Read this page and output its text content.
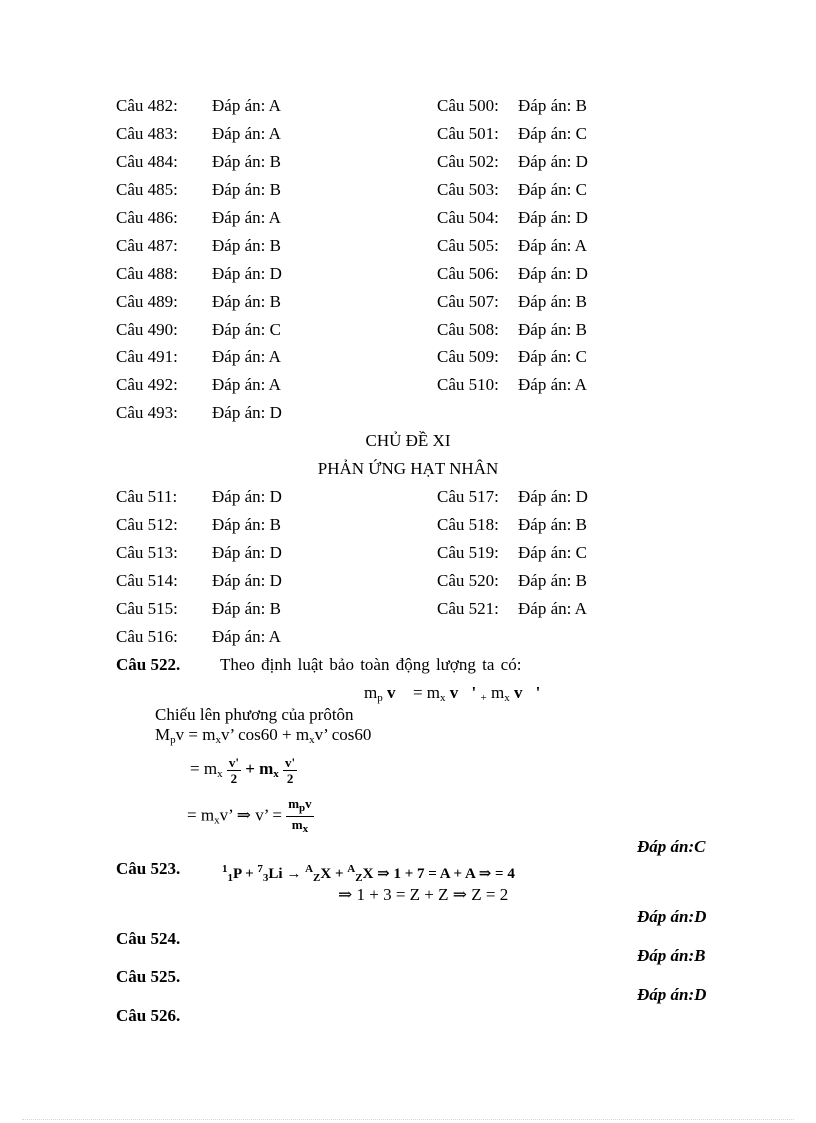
Câu 482: Đáp án: A
Câu 483: Đáp án: A
Câu 484: Đáp án: B
Câu 485: Đáp án: B
Câu 486: Đáp án: A
Câu 487: Đáp án: B
Câu 488: Đáp án: D
Câu 489: Đáp án: B
Câu 490: Đáp án: C
Câu 491: Đáp án: A
Câu 492: Đáp án: A
Câu 493: Đáp án: D
Câu 500: Đáp án: B
Câu 501: Đáp án: C
Câu 502: Đáp án: D
Câu 503: Đáp án: C
Câu 504: Đáp án: D
Câu 505: Đáp án: A
Câu 506: Đáp án: D
Câu 507: Đáp án: B
Câu 508: Đáp án: B
Câu 509: Đáp án: C
Câu 510: Đáp án: A
CHỦ ĐỀ XI
PHẢN ỨNG HẠT NHÂN
Câu 511: Đáp án: D
Câu 512: Đáp án: B
Câu 513: Đáp án: D
Câu 514: Đáp án: D
Câu 515: Đáp án: B
Câu 516: Đáp án: A
Câu 517: Đáp án: D
Câu 518: Đáp án: B
Câu 519: Đáp án: C
Câu 520: Đáp án: B
Câu 521: Đáp án: A
Câu 522. Theo định luật bảo toàn động lượng ta có:
$m_p$ v⃗ = $m_x$ v⃗' $_+$ $m_x$ v⃗'
Chiếu lên phương của prôtôn
$M_pv = m_xv$’ $\cos 60 + m_xv$’ cos60
= $m_x \frac{v'}{2} + m_x \frac{v'}{2}$
= $m_xv$’ ⇒ v’ = $\frac{m_pv}{m_x}$
Đáp án:C
Câu 523.	$^1_1$P + $^7_3$Li → $^A_Z$X + $^A_Z$X ⇒ 1 + 7 = A + A ⇒ = 4
⇒ 1 + 3 = Z + Z ⇒ Z = 2
Đáp án:D
Câu 524.
Đáp án:B
Câu 525.
Đáp án:D
Câu 526.
